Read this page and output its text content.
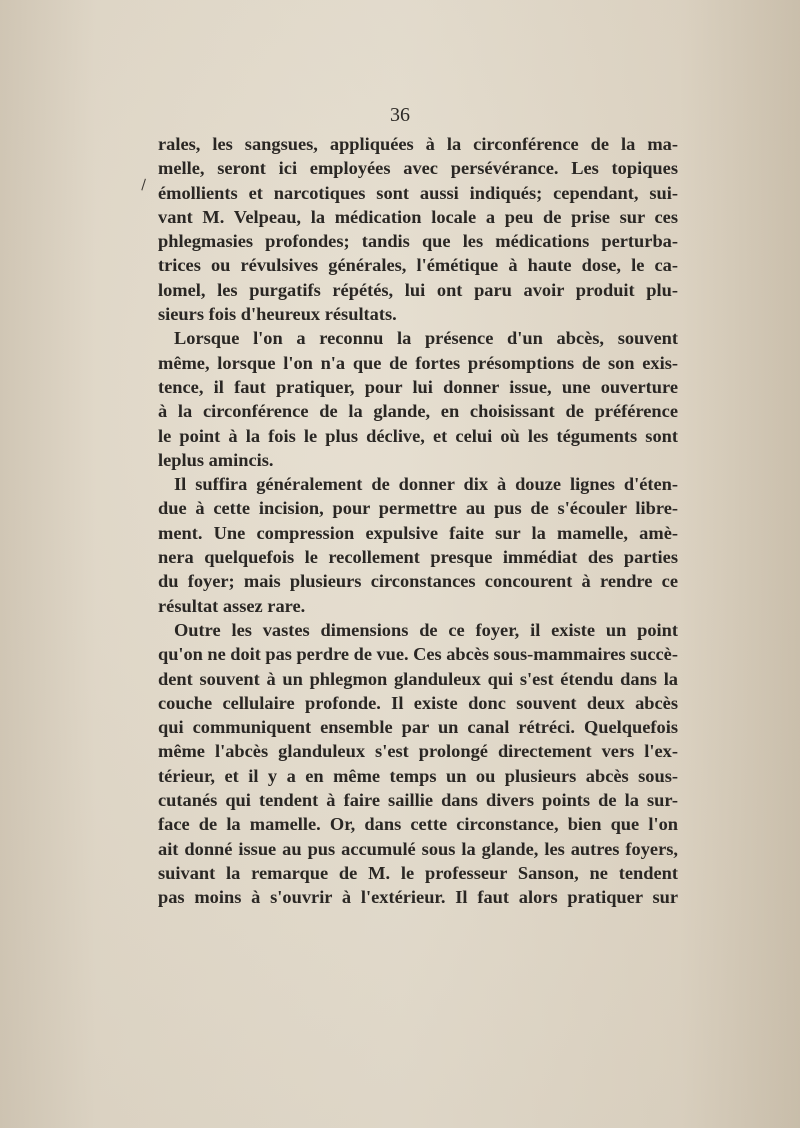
36
\
rales, les sangsues, appliquées à la circonférence de la ma-
melle, seront ici employées avec persévérance. Les topiques
émollients et narcotiques sont aussi indiqués; cependant, sui-
vant M. Velpeau, la médication locale a peu de prise sur ces
phlegmasies profondes; tandis que les médications perturba-
trices ou révulsives générales, l'émétique à haute dose, le ca-
lomel, les purgatifs répétés, lui ont paru avoir produit plu-
sieurs fois d'heureux résultats.
Lorsque l'on a reconnu la présence d'un abcès, souvent
même, lorsque l'on n'a que de fortes présomptions de son exis-
tence, il faut pratiquer, pour lui donner issue, une ouverture
à la circonférence de la glande, en choisissant de préférence
le point à la fois le plus déclive, et celui où les téguments sont
leplus amincis.
Il suffira généralement de donner dix à douze lignes d'éten-
due à cette incision, pour permettre au pus de s'écouler libre-
ment. Une compression expulsive faite sur la mamelle, amè-
nera quelquefois le recollement presque immédiat des parties
du foyer; mais plusieurs circonstances concourent à rendre ce
résultat assez rare.
Outre les vastes dimensions de ce foyer, il existe un point
qu'on ne doit pas perdre de vue. Ces abcès sous-mammaires succè-
dent souvent à un phlegmon glanduleux qui s'est étendu dans la
couche cellulaire profonde. Il existe donc souvent deux abcès
qui communiquent ensemble par un canal rétréci. Quelquefois
même l'abcès glanduleux s'est prolongé directement vers l'ex-
térieur, et il y a en même temps un ou plusieurs abcès sous-
cutanés qui tendent à faire saillie dans divers points de la sur-
face de la mamelle. Or, dans cette circonstance, bien que l'on
ait donné issue au pus accumulé sous la glande, les autres foyers,
suivant la remarque de M. le professeur Sanson, ne tendent
pas moins à s'ouvrir à l'extérieur. Il faut alors pratiquer sur
